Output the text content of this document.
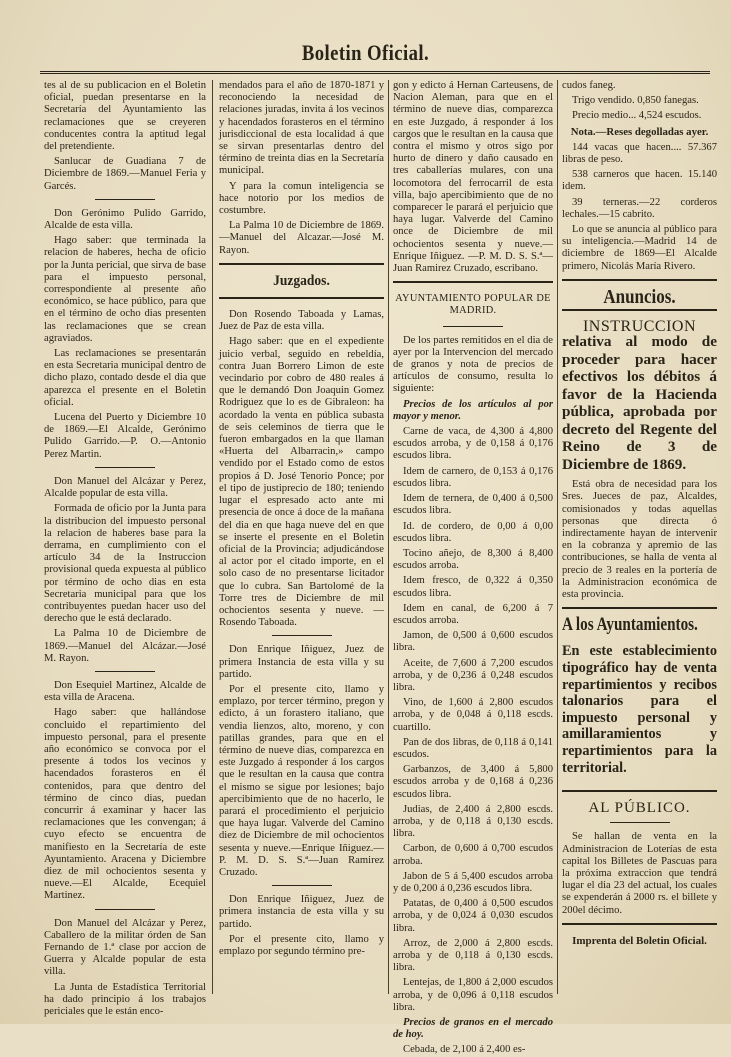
Boletin Oficial.

tes al de su publicacion en el Boletin oficial, puedan presentarse en la Secretaría del Ayuntamiento las reclamaciones que se creyeren conducentes contra la aptitud legal del pretendiente.

Sanlucar de Guadiana 7 de Diciembre de 1869.—Manuel Feria y Garcés.

Don Gerónimo Pulido Garrido, Alcalde de esta villa.

Hago saber: que terminada la relacion de haberes, hecha de oficio por la Junta pericial, que sirva de base para el impuesto personal, correspondiente al presente año económico, se hace público, para que en el término de ocho dias presenten las reclamaciones que se crean agraviados.

Las reclamaciones se presentarán en esta Secretaria municipal dentro de dicho plazo, contado desde el dia que aparezca el presente en el Boletin oficial.

Lucena del Puerto y Diciembre 10 de 1869.—El Alcalde, Gerónimo Pulido Garrido.—P. O.—Antonio Perez Martin.

Don Manuel del Alcázar y Perez, Alcalde popular de esta villa.

Formada de oficio por la Junta para la distribucion del impuesto personal la relacion de haberes base para la derrama, en cumplimiento con el artículo 34 de la Instruccion provisional queda expuesta al público por término de ocho dias en esta Secretaria municipal para que los contribuyentes puedan hacer uso del derecho que le está declarado.

La Palma 10 de Diciembre de 1869.—Manuel del Alcázar.—José M. Rayon.

Don Esequiel Martinez, Alcalde de esta villa de Aracena.

Hago saber: que hallándose concluido el repartimiento del impuesto personal, para el presente año económico se convoca por el presente á todos los vecinos y hacendados forasteros en él contenidos, para que dentro del término de cinco dias, puedan concurrir á examinar y hacer las reclamaciones que les convengan; á cuyo efecto se encuentra de manifiesto en la Secretaría de este Ayuntamiento. Aracena y Diciembre diez de mil ochocientos sesenta y nueve.—El Alcalde, Ecequiel Martinez.

Don Manuel del Alcázar y Perez, Caballero de la militar órden de San Fernando de 1.ª clase por accion de Guerra y Alcalde popular de esta villa.

La Junta de Estadística Territorial ha dado principio á los trabajos periciales que le están enco-

mendados para el año de 1870-1871 y reconociendo la necesidad de relaciones juradas, invita á los vecinos y hacendados forasteros en el término jurisdiccional de esta localidad á que se sirvan presentarlas dentro del término de treinta dias en la Secretaría municipal.

Y para la comun inteligencia se hace notorio por los medios de costumbre.

La Palma 10 de Diciembre de 1869.—Manuel del Alcazar.—José M. Rayon.

Juzgados.

Don Rosendo Taboada y Lamas, Juez de Paz de esta villa.

Hago saber: que en el expediente juicio verbal, seguido en rebeldía, contra Juan Borrero Limon de este vecindario por cobro de 480 reales á que le demandó Don Joaquin Gomez Rodriguez que lo es de Gibraleon: ha acordado la venta en pública subasta de seis celeminos de tierra que le fueron embargados en la que llaman «Huerta del Albarracin,» campo vendido por el Estado como de estos propios á D. José Tenorio Ponce; por el tipo de justiprecio de 180; teniendo lugar el espresado acto ante mi presencia de once á doce de la mañana del dia en que haga nueve del en que se inserte el presente en el Boletin oficial de la Provincia; adjudicándose al actor por el citado importe, en el solo caso de no presentarse licitador que lo cubra. San Bartolomé de la Torre tres de Diciembre de mil ochocientos sesenta y nueve. —Rosendo Taboada.

Don Enrique Iñiguez, Juez de primera Instancia de esta villa y su partido.

Por el presente cito, llamo y emplazo, por tercer término, pregon y edicto, á un forastero italiano, que vendia lienzos, alto, moreno, y con patillas grandes, para que en el término de nueve dias, comparezca en este Juzgado á responder á los cargos que le resultan en la causa que contra el mismo se sigue por lesiones; bajo apercibimiento que de no hacerlo, le parará el procedimiento el perjuicio que haya lugar. Valverde del Camino diez de Diciembre de mil ochocientos sesenta y nueve.—Enrique Iñiguez.—P. M. D. S. S.ª—Juan Ramirez Cruzado.

Don Enrique Iñiguez, Juez de primera instancia de esta villa y su partido.

Por el presente cito, llamo y emplazo por segundo término pre-

gon y edicto á Hernan Carteusens, de Nacion Aleman, para que en el término de nueve dias, comparezca en este Juzgado, á responder á los cargos que le resultan en la causa que contra el mismo y otros sigo por hurto de dinero y daño causado en tres caballerías mulares, con una locomotora del ferrocarril de esta villa, bajo apercibimiento que de no comparecer le parará el perjuicio que haya lugar. Valverde del Camino once de Diciembre de mil ochocientos sesenta y nueve.—Enrique Iñiguez. —P. M. D. S. S.ª—Juan Ramirez Cruzado, escribano.

AYUNTAMIENTO POPULAR DE MADRID.

De los partes remitidos en el dia de ayer por la Intervencion del mercado de granos y nota de precios de artículos de consumo, resulta lo siguiente:

Precios de los artículos al por mayor y menor.

Carne de vaca, de 4,300 á 4,800 escudos arroba, y de 0,158 á 0,176 escudos libra.

Idem de carnero, de 0,153 á 0,176 escudos libra.

Idem de ternera, de 0,400 á 0,500 escudos libra.

Id. de cordero, de 0,00 á 0,00 escudos libra.

Tocino añejo, de 8,300 á 8,400 escudos arroba.

Idem fresco, de 0,322 á 0,350 escudos libra.

Idem en canal, de 6,200 á 7 escudos arroba.

Jamon, de 0,500 á 0,600 escudos libra.

Aceite, de 7,600 á 7,200 escudos arroba, y de 0,236 á 0,248 escudos libra.

Vino, de 1,600 á 2,800 escudos arroba, y de 0,048 á 0,118 escds. cuartillo.

Pan de dos libras, de 0,118 á 0,141 escudos.

Garbanzos, de 3,400 á 5,800 escudos arroba y de 0,168 á 0,236 escudos libra.

Judias, de 2,400 á 2,800 escds. arroba, y de 0,118 á 0,130 escds. libra.

Carbon, de 0,600 á 0,700 escudos arroba.

Jabon de 5 á 5,400 escudos arroba y de 0,200 á 0,236 escudos libra.

Patatas, de 0,400 á 0,500 escudos arroba, y de 0,024 á 0,030 escudos libra.

Arroz, de 2,000 á 2,800 escds. arroba y de 0,118 á 0,130 escds. libra.

Lentejas, de 1,800 á 2,000 escudos arroba, y de 0,096 á 0,118 escudos libra.

Precios de granos en el mercado de hoy.

Cebada, de 2,100 á 2,400 es-

cudos faneg.

Trigo vendido. 0,850 fanegas.

Precio medio... 4,524 escudos.

Nota.—Reses degolladas ayer.

144 vacas que hacen.... 57.367 libras de peso.

538 carneros que hacen. 15.140 idem.

39 terneras.—22 corderos lechales.—15 cabrito.

Lo que se anuncia al público para su inteligencia.—Madrid 14 de diciembre de 1869—El Alcalde primero, Nicolás María Rivero.

Anuncios.
INSTRUCCION
relativa al modo de proceder para hacer efectivos los débitos á favor de la Hacienda pública, aprobada por decreto del Regente del Reino de 3 de Diciembre de 1869.

Está obra de necesidad para los Sres. Jueces de paz, Alcaldes, comisionados y todas aquellas personas que directa ó indirectamente hayan de intervenir en la cobranza y apremio de las contribuciones, se halla de venta al precio de 3 reales en la portería de la Administracion económica de esta provincia.

A los Ayuntamientos.
En este establecimiento tipográfico hay de venta repartimientos y recibos talonarios para el impuesto personal y amillaramientos y repartimientos para la territorial.
AL PÚBLICO.

Se hallan de venta en la Administracion de Loterías de esta capital los Billetes de Pascuas para la próxima extraccion que tendrá lugar el dia 23 del actual, los cuales se expenderán á 2000 rs. el billete y 200el décimo.

Imprenta del Boletin Oficial.
